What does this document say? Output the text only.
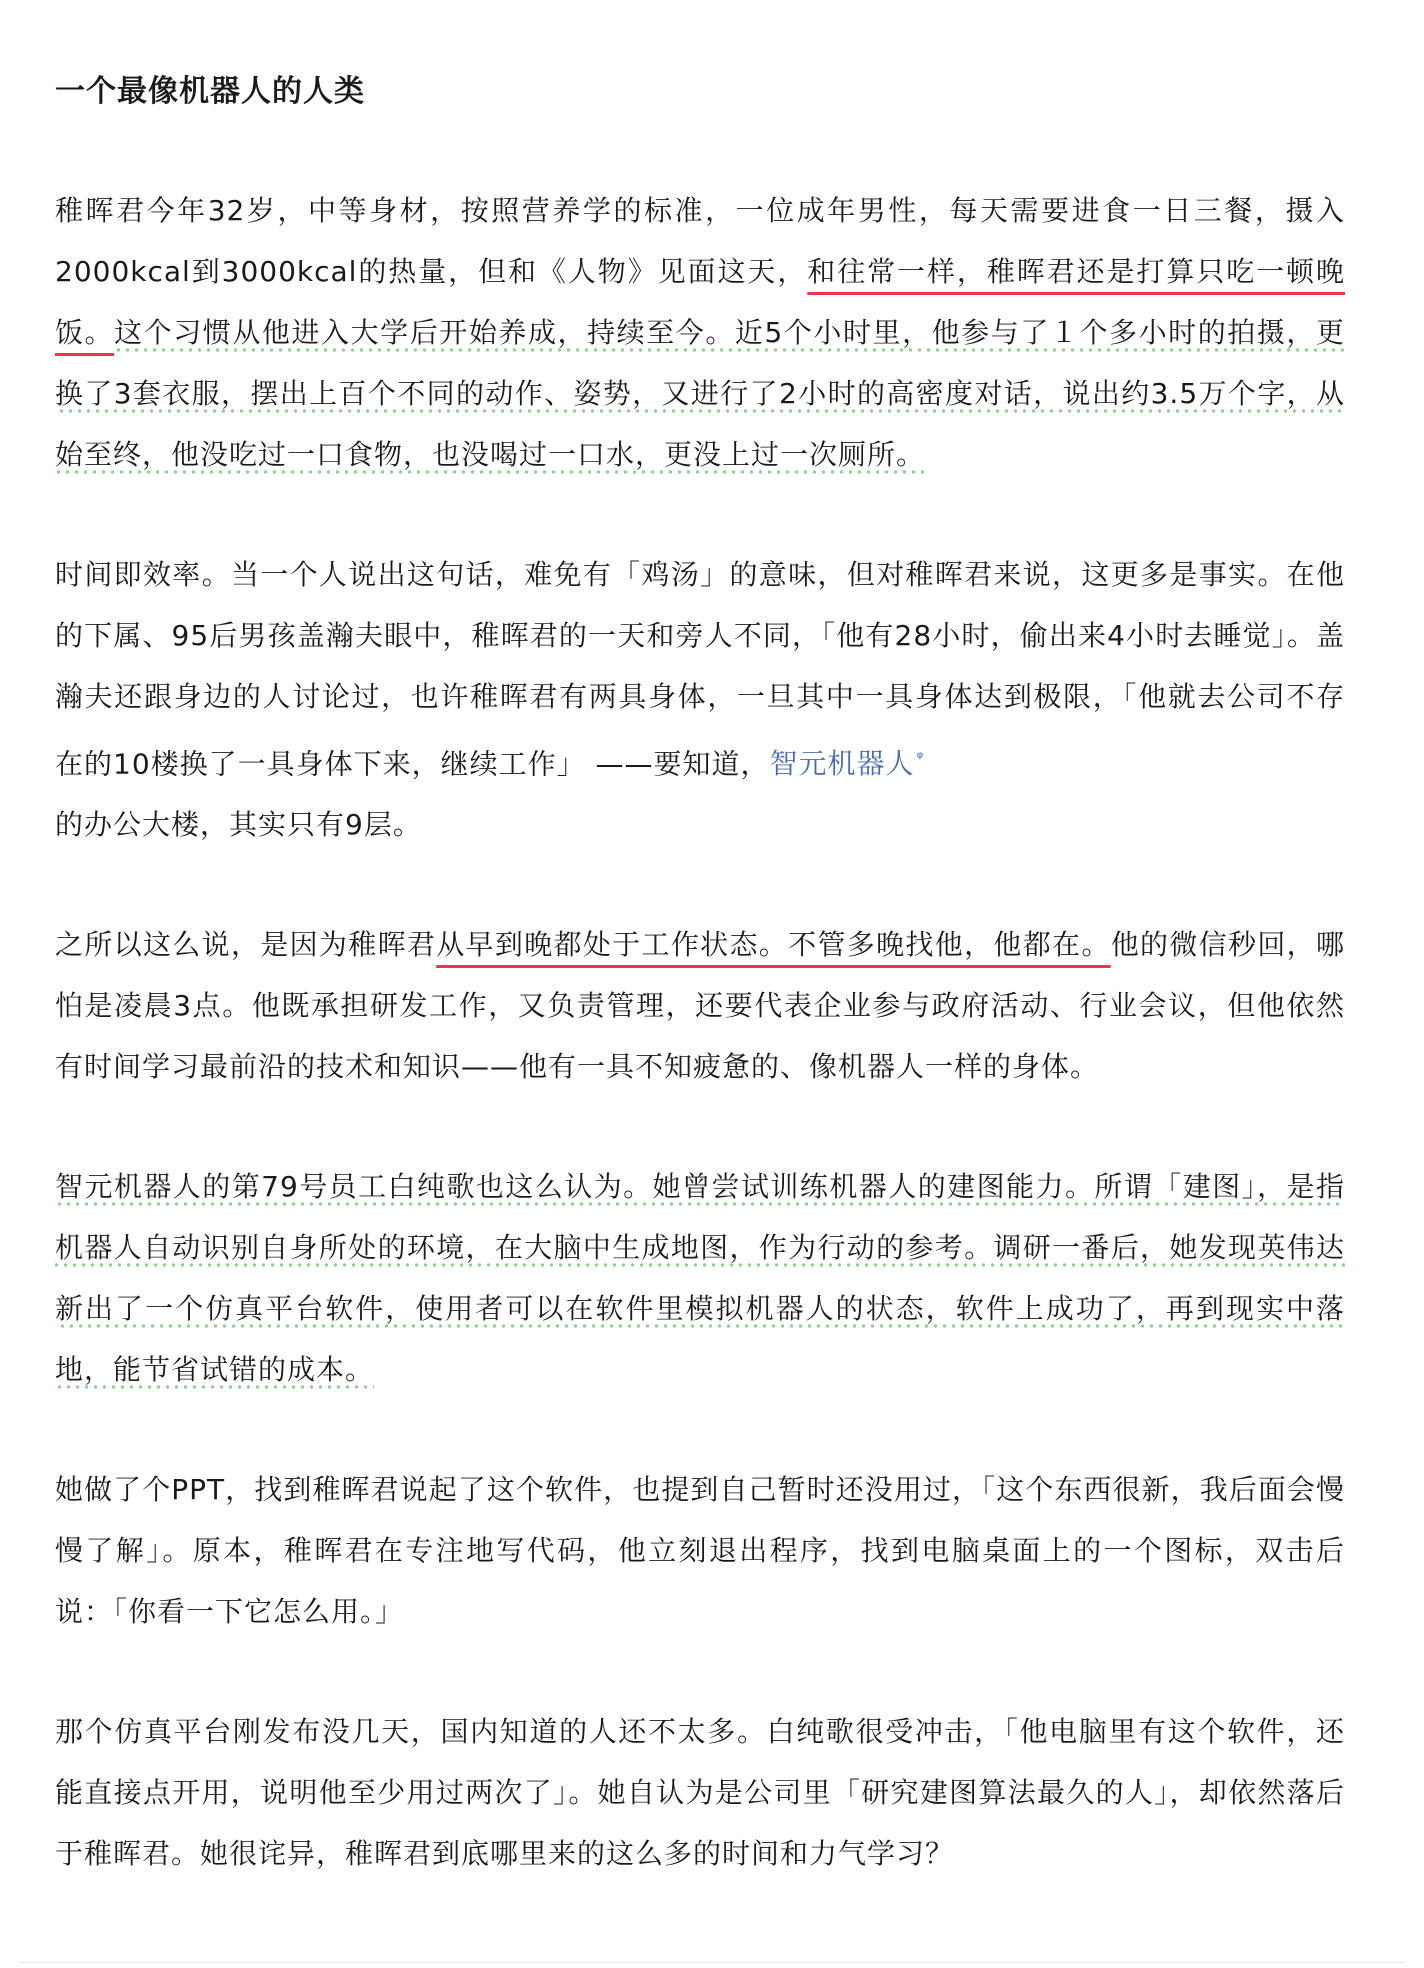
一个最像机器人的人类

稚晖君今年32岁，中等身材，按照营养学的标准，一位成年男性，每天需要进食一日三餐，摄入2000kcal到3000kcal的热量，但和《人物》见面这天，和往常一样，稚晖君还是打算只吃一顿晚饭。这个习惯从他进入大学后开始养成，持续至今。近5个小时里，他参与了１个多小时的拍摄，更换了3套衣服，摆出上百个不同的动作、姿势，又进行了2小时的高密度对话，说出约3.5万个字，从始至终，他没吃过一口食物，也没喝过一口水，更没上过一次厕所。

时间即效率。当一个人说出这句话，难免有「鸡汤」的意味，但对稚晖君来说，这更多是事实。在他的下属、95后男孩盖瀚夫眼中，稚晖君的一天和旁人不同，「他有28小时，偷出来4小时去睡觉」。盖瀚夫还跟身边的人讨论过，也许稚晖君有两具身体，一旦其中一具身体达到极限，「他就去公司不存在的10楼换了一具身体下来，继续工作」 ——要知道，智元机器人 $^ᵠ$
的办公大楼，其实只有9层。

之所以这么说，是因为稚晖君从早到晚都处于工作状态。不管多晚找他，他都在。他的微信秒回，哪怕是凌晨3点。他既承担研发工作，又负责管理，还要代表企业参与政府活动、行业会议，但他依然有时间学习最前沿的技术和知识——他有一具不知疲惫的、像机器人一样的身体。

智元机器人的第79号员工白纯歌也这么认为。她曾尝试训练机器人的建图能力。所谓「建图」，是指机器人自动识别自身所处的环境，在大脑中生成地图，作为行动的参考。调研一番后，她发现英伟达新出了一个仿真平台软件，使用者可以在软件里模拟机器人的状态，软件上成功了，再到现实中落地，能节省试错的成本。

她做了个PPT，找到稚晖君说起了这个软件，也提到自己暂时还没用过，「这个东西很新，我后面会慢慢了解」。原本，稚晖君在专注地写代码，他立刻退出程序，找到电脑桌面上的一个图标，双击后说：「你看一下它怎么用。」

那个仿真平台刚发布没几天，国内知道的人还不太多。白纯歌很受冲击，「他电脑里有这个软件，还能直接点开用，说明他至少用过两次了」。她自认为是公司里「研究建图算法最久的人」，却依然落后于稚晖君。她很诧异，稚晖君到底哪里来的这么多的时间和力气学习？
